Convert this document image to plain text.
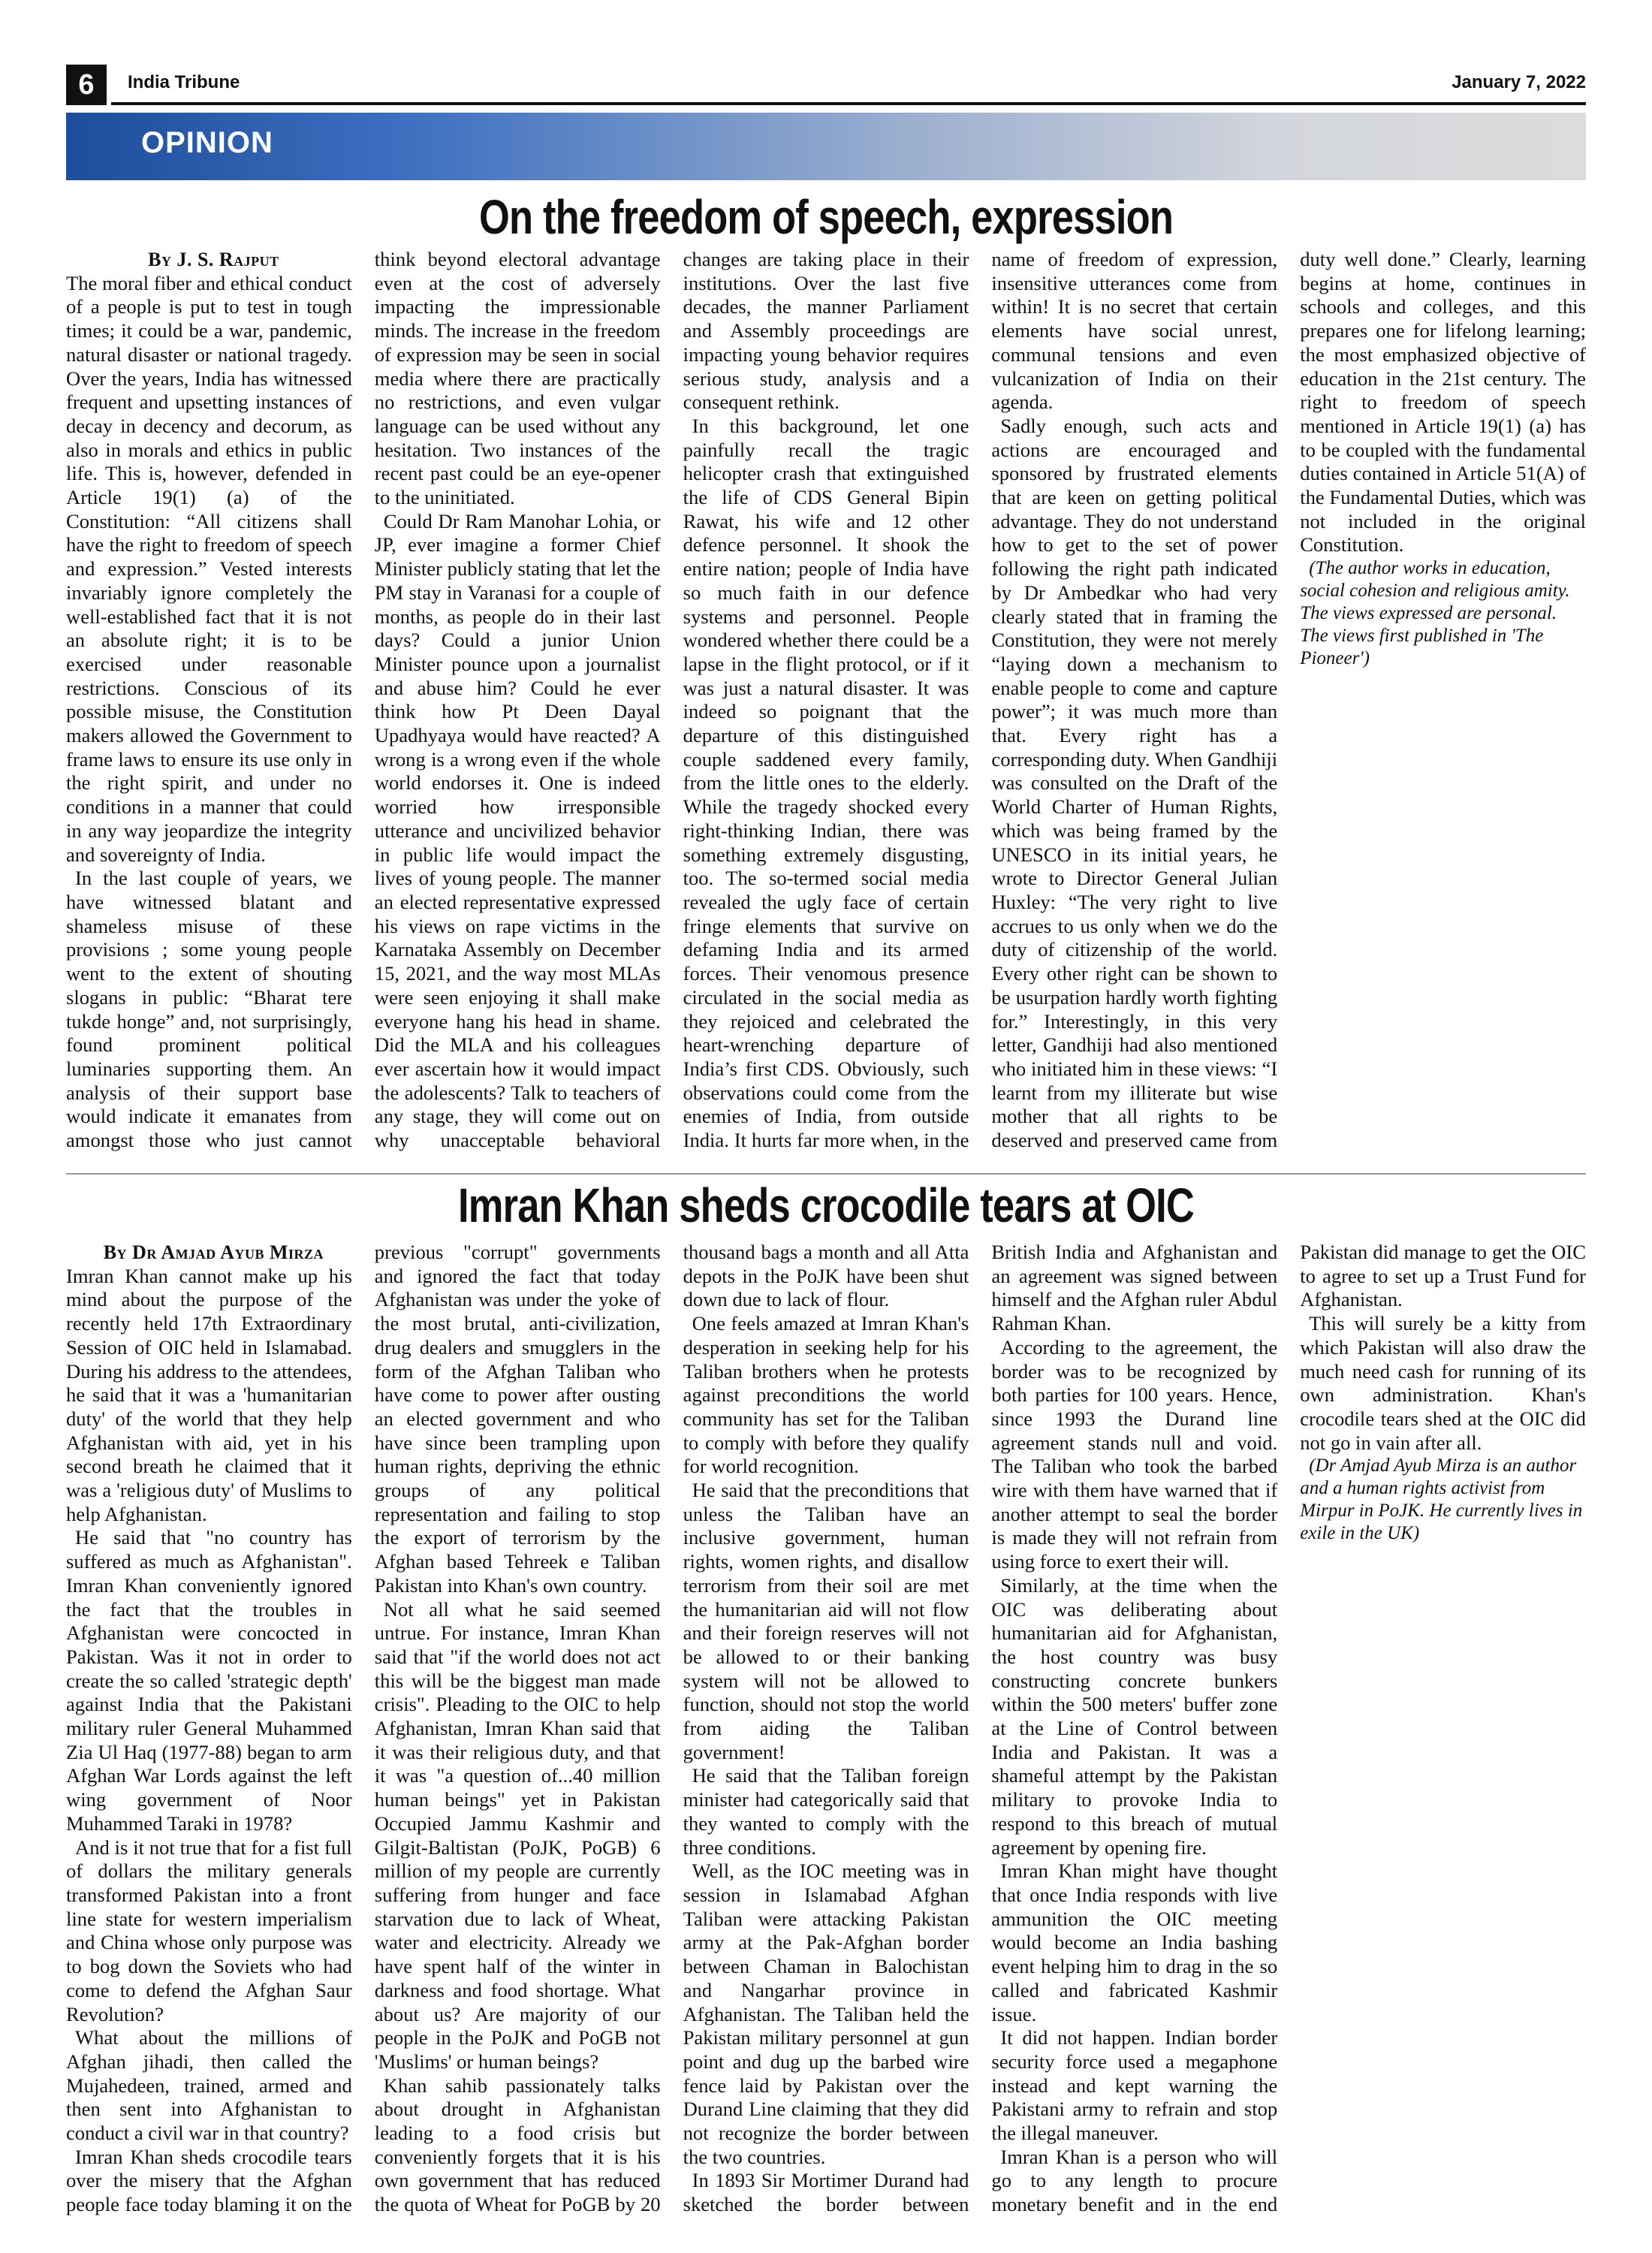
6	India Tribune	January 7, 2022
OPINION
On the freedom of speech, expression

By J. S. Rajput

The moral fiber and ethical conduct of a people is put to test in tough times; it could be a war, pandemic, natural disaster or national tragedy. Over the years, India has witnessed frequent and upsetting instances of decay in decency and decorum, as also in morals and ethics in public life. This is, however, defended in Article 19(1) (a) of the Constitution: “All citizens shall have the right to freedom of speech and expression.” Vested interests invariably ignore completely the well-established fact that it is not an absolute right; it is to be exercised under reasonable restrictions. Conscious of its possible misuse, the Constitution makers allowed the Government to frame laws to ensure its use only in the right spirit, and under no conditions in a manner that could in any way jeopardize the integrity and sovereignty of India.

In the last couple of years, we have witnessed blatant and shameless misuse of these provisions ; some young people went to the extent of shouting slogans in public: “Bharat tere tukde honge” and, not surprisingly, found prominent political luminaries supporting them. An analysis of their support base would indicate it emanates from amongst those who just cannot think beyond electoral advantage even at the cost of adversely impacting the impressionable minds. The increase in the freedom of expression may be seen in social media where there are practically no restrictions, and even vulgar language can be used without any hesitation. Two instances of the recent past could be an eye-opener to the uninitiated.

Could Dr Ram Manohar Lohia, or JP, ever imagine a former Chief Minister publicly stating that let the PM stay in Varanasi for a couple of months, as people do in their last days? Could a junior Union Minister pounce upon a journalist and abuse him? Could he ever think how Pt Deen Dayal Upadhyaya would have reacted? A wrong is a wrong even if the whole world endorses it. One is indeed worried how irresponsible utterance and uncivilized behavior in public life would impact the lives of young people. The manner an elected representative expressed his views on rape victims in the Karnataka Assembly on December 15, 2021, and the way most MLAs were seen enjoying it shall make everyone hang his head in shame. Did the MLA and his colleagues ever ascertain how it would impact the adolescents? Talk to teachers of any stage, they will come out on why unacceptable behavioral changes are taking place in their institutions. Over the last five decades, the manner Parliament and Assembly proceedings are impacting young behavior requires serious study, analysis and a consequent rethink.

In this background, let one painfully recall the tragic helicopter crash that extinguished the life of CDS General Bipin Rawat, his wife and 12 other defence personnel. It shook the entire nation; people of India have so much faith in our defence systems and personnel. People wondered whether there could be a lapse in the flight protocol, or if it was just a natural disaster. It was indeed so poignant that the departure of this distinguished couple saddened every family, from the little ones to the elderly. While the tragedy shocked every right-thinking Indian, there was something extremely disgusting, too. The so-termed social media revealed the ugly face of certain fringe elements that survive on defaming India and its armed forces. Their venomous presence circulated in the social media as they rejoiced and celebrated the heart-wrenching departure of India’s first CDS. Obviously, such observations could come from the enemies of India, from outside India. It hurts far more when, in the name of freedom of expression, insensitive utterances come from within! It is no secret that certain elements have social unrest, communal tensions and even vulcanization of India on their agenda.

Sadly enough, such acts and actions are encouraged and sponsored by frustrated elements that are keen on getting political advantage. They do not understand how to get to the set of power following the right path indicated by Dr Ambedkar who had very clearly stated that in framing the Constitution, they were not merely “laying down a mechanism to enable people to come and capture power”; it was much more than that. Every right has a corresponding duty. When Gandhiji was consulted on the Draft of the World Charter of Human Rights, which was being framed by the UNESCO in its initial years, he wrote to Director General Julian Huxley: “The very right to live accrues to us only when we do the duty of citizenship of the world. Every other right can be shown to be usurpation hardly worth fighting for.” Interestingly, in this very letter, Gandhiji had also mentioned who initiated him in these views: “I learnt from my illiterate but wise mother that all rights to be deserved and preserved came from duty well done.” Clearly, learning begins at home, continues in schools and colleges, and this prepares one for lifelong learning; the most emphasized objective of education in the 21st century. The right to freedom of speech mentioned in Article 19(1) (a) has to be coupled with the fundamental duties contained in Article 51(A) of the Fundamental Duties, which was not included in the original Constitution.

(The author works in education, social cohesion and religious amity. The views expressed are personal. The views first published in 'The Pioneer')

Imran Khan sheds crocodile tears at OIC

By Dr Amjad Ayub Mirza

Imran Khan cannot make up his mind about the purpose of the recently held 17th Extraordinary Session of OIC held in Islamabad. During his address to the attendees, he said that it was a 'humanitarian duty' of the world that they help Afghanistan with aid, yet in his second breath he claimed that it was a 'religious duty' of Muslims to help Afghanistan.

He said that "no country has suffered as much as Afghanistan". Imran Khan conveniently ignored the fact that the troubles in Afghanistan were concocted in Pakistan. Was it not in order to create the so called 'strategic depth' against India that the Pakistani military ruler General Muhammed Zia Ul Haq (1977-88) began to arm Afghan War Lords against the left wing government of Noor Muhammed Taraki in 1978?

And is it not true that for a fist full of dollars the military generals transformed Pakistan into a front line state for western imperialism and China whose only purpose was to bog down the Soviets who had come to defend the Afghan Saur Revolution?

What about the millions of Afghan jihadi, then called the Mujahedeen, trained, armed and then sent into Afghanistan to conduct a civil war in that country?

Imran Khan sheds crocodile tears over the misery that the Afghan people face today blaming it on the previous "corrupt" governments and ignored the fact that today Afghanistan was under the yoke of the most brutal, anti-civilization, drug dealers and smugglers in the form of the Afghan Taliban who have come to power after ousting an elected government and who have since been trampling upon human rights, depriving the ethnic groups of any political representation and failing to stop the export of terrorism by the Afghan based Tehreek e Taliban Pakistan into Khan's own country.

Not all what he said seemed untrue. For instance, Imran Khan said that "if the world does not act this will be the biggest man made crisis". Pleading to the OIC to help Afghanistan, Imran Khan said that it was their religious duty, and that it was "a question of...40 million human beings" yet in Pakistan Occupied Jammu Kashmir and Gilgit-Baltistan (PoJK, PoGB) 6 million of my people are currently suffering from hunger and face starvation due to lack of Wheat, water and electricity. Already we have spent half of the winter in darkness and food shortage. What about us? Are majority of our people in the PoJK and PoGB not 'Muslims' or human beings?

Khan sahib passionately talks about drought in Afghanistan leading to a food crisis but conveniently forgets that it is his own government that has reduced the quota of Wheat for PoGB by 20 thousand bags a month and all Atta depots in the PoJK have been shut down due to lack of flour.

One feels amazed at Imran Khan's desperation in seeking help for his Taliban brothers when he protests against preconditions the world community has set for the Taliban to comply with before they qualify for world recognition.

He said that the preconditions that unless the Taliban have an inclusive government, human rights, women rights, and disallow terrorism from their soil are met the humanitarian aid will not flow and their foreign reserves will not be allowed to or their banking system will not be allowed to function, should not stop the world from aiding the Taliban government!

He said that the Taliban foreign minister had categorically said that they wanted to comply with the three conditions.

Well, as the IOC meeting was in session in Islamabad Afghan Taliban were attacking Pakistan army at the Pak-Afghan border between Chaman in Balochistan and Nangarhar province in Afghanistan. The Taliban held the Pakistan military personnel at gun point and dug up the barbed wire fence laid by Pakistan over the Durand Line claiming that they did not recognize the border between the two countries.

In 1893 Sir Mortimer Durand had sketched the border between British India and Afghanistan and an agreement was signed between himself and the Afghan ruler Abdul Rahman Khan.

According to the agreement, the border was to be recognized by both parties for 100 years. Hence, since 1993 the Durand line agreement stands null and void. The Taliban who took the barbed wire with them have warned that if another attempt to seal the border is made they will not refrain from using force to exert their will.

Similarly, at the time when the OIC was deliberating about humanitarian aid for Afghanistan, the host country was busy constructing concrete bunkers within the 500 meters' buffer zone at the Line of Control between India and Pakistan. It was a shameful attempt by the Pakistan military to provoke India to respond to this breach of mutual agreement by opening fire.

Imran Khan might have thought that once India responds with live ammunition the OIC meeting would become an India bashing event helping him to drag in the so called and fabricated Kashmir issue.

It did not happen. Indian border security force used a megaphone instead and kept warning the Pakistani army to refrain and stop the illegal maneuver.

Imran Khan is a person who will go to any length to procure monetary benefit and in the end Pakistan did manage to get the OIC to agree to set up a Trust Fund for Afghanistan.

This will surely be a kitty from which Pakistan will also draw the much need cash for running of its own administration. Khan's crocodile tears shed at the OIC did not go in vain after all.

(Dr Amjad Ayub Mirza is an author and a human rights activist from Mirpur in PoJK. He currently lives in exile in the UK)
